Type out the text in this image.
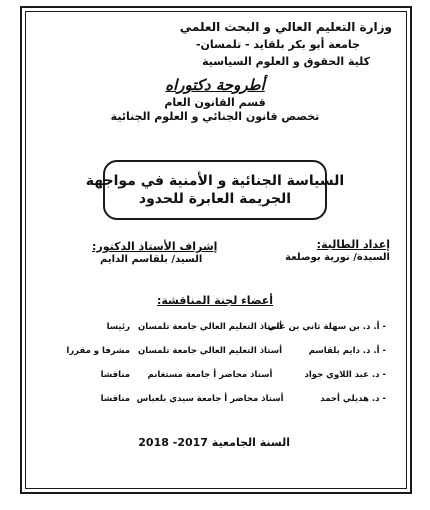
وزارة التعليم العالي و البحث العلمي
جامعة أبو بكر بلقايد - تلمسان-
كلية الحقوق و العلوم السياسية
أطروحة دكتوراه
قسم القانون العام
تخصص قانون الجنائي و العلوم الجنائية
السياسة الجنائية و الأمنية في مواجهة
الجريمة العابرة للحدود
إعداد الطالبة:
السيدة/ نورية بوصلعة
إشراف الأستاذ الدكتور:
السيد/ بلقاسم الدايم
أعضاء لجنة المناقشة:
- أ. د. بن سهلة ثاني بن علي
أستاذ التعليم العالي جامعة تلمسان
رئيسا
- أ. د. دايم بلقاسم
أستاذ التعليم العالي جامعة تلمسان
مشرفا و مقررا
- د. عبد اللاوي جواد
أستاذ محاضر أ جامعة مستغانم
مناقشا
- د. هديلي أحمد
أستاذ محاضر أ جامعة سيدي بلعباس
مناقشا
السنة الجامعية 2017- 2018
